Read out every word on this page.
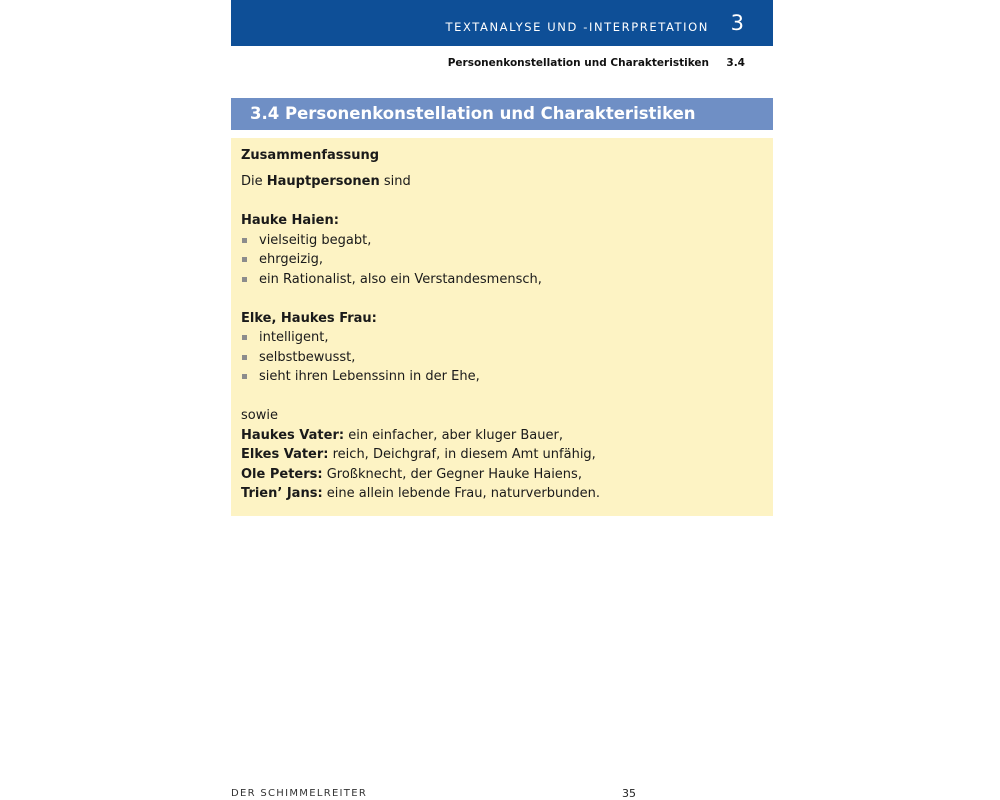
TEXTANALYSE UND -INTERPRETATION 3
Personenkonstellation und Charakteristiken 3.4
3.4 Personenkonstellation und Charakteristiken
Zusammenfassung
Die Hauptpersonen sind
Hauke Haien:
vielseitig begabt,
ehrgeizig,
ein Rationalist, also ein Verstandesmensch,
Elke, Haukes Frau:
intelligent,
selbstbewusst,
sieht ihren Lebenssinn in der Ehe,
sowie
Haukes Vater: ein einfacher, aber kluger Bauer,
Elkes Vater: reich, Deichgraf, in diesem Amt unfähig,
Ole Peters: Großknecht, der Gegner Hauke Haiens,
Trien’ Jans: eine allein lebende Frau, naturverbunden.
DER SCHIMMELREITER	35
